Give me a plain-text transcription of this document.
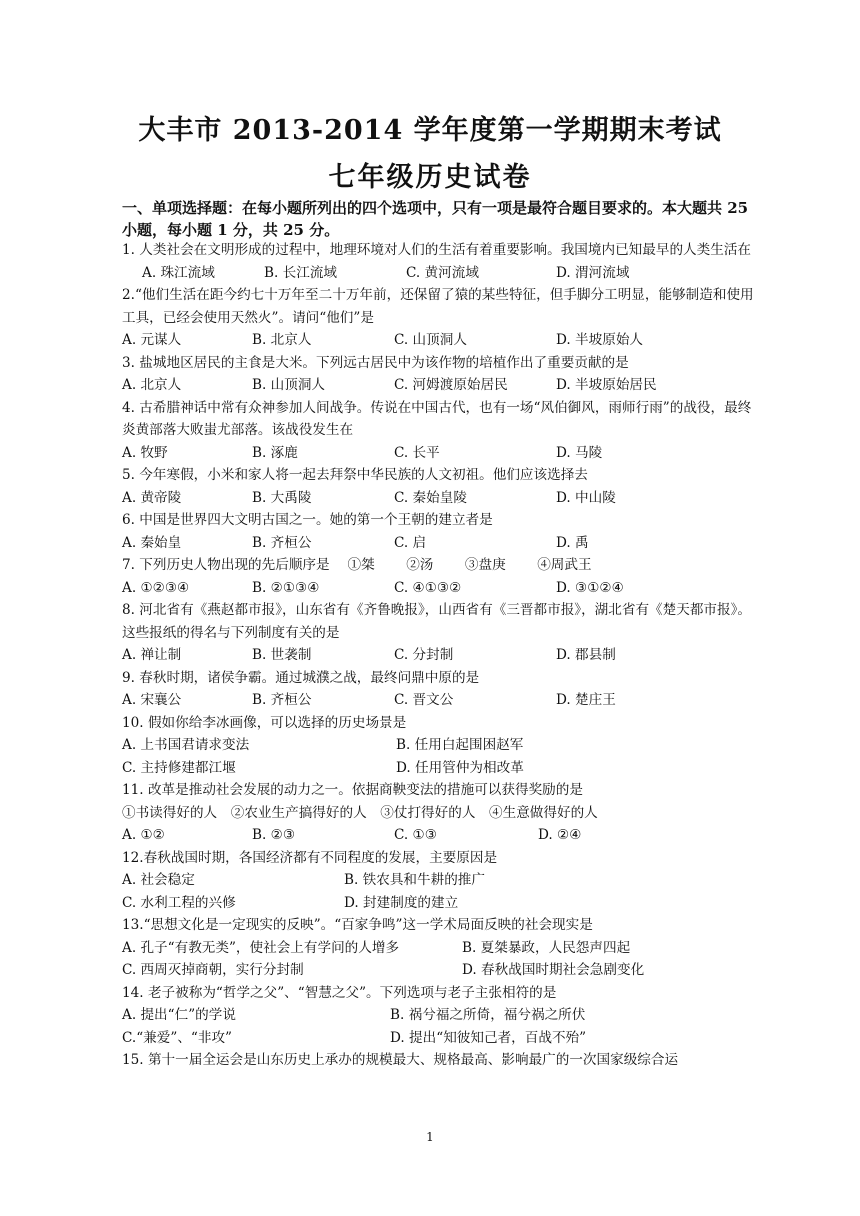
大丰市 2013-2014 学年度第一学期期末考试
七年级历史试卷
一、单项选择题：在每小题所列出的四个选项中，只有一项是最符合题目要求的。本大题共 25 小题，每小题 1 分，共 25 分。
1. 人类社会在文明形成的过程中，地理环境对人们的生活有着重要影响。我国境内已知最早的人类生活在
A. 珠江流域	B. 长江流域	C. 黄河流域	D. 渭河流域
2.“他们生活在距今约七十万年至二十万年前，还保留了猿的某些特征，但手脚分工明显，能够制造和使用工具，已经会使用天然火”。请问“他们”是
A. 元谋人	B. 北京人	C. 山顶洞人	D. 半坡原始人
3. 盐城地区居民的主食是大米。下列远古居民中为该作物的培植作出了重要贡献的是
A. 北京人	B. 山顶洞人	C. 河姆渡原始居民	D. 半坡原始居民
4. 古希腊神话中常有众神参加人间战争。传说在中国古代，也有一场“风伯御风，雨师行雨”的战役，最终炎黄部落大败蚩尤部落。该战役发生在
A. 牧野	B. 涿鹿	C. 长平	D. 马陵
5. 今年寒假，小米和家人将一起去拜祭中华民族的人文初祖。他们应该选择去
A. 黄帝陵	B. 大禹陵	C. 秦始皇陵	D. 中山陵
6. 中国是世界四大文明古国之一。她的第一个王朝的建立者是
A. 秦始皇	B. 齐桓公	C. 启	D. 禹
7. 下列历史人物出现的先后顺序是　 ①桀　　 ②汤　　 ③盘庚　　 ④周武王
A. ①②③④	B. ②①③④	C. ④①③②	D. ③①②④
8. 河北省有《燕赵都市报》，山东省有《齐鲁晚报》，山西省有《三晋都市报》，湖北省有《楚天都市报》。这些报纸的得名与下列制度有关的是
A. 禅让制	B. 世袭制	C. 分封制	D. 郡县制
9. 春秋时期，诸侯争霸。通过城濮之战，最终问鼎中原的是
A. 宋襄公	B. 齐桓公	C. 晋文公	D. 楚庄王
10. 假如你给李冰画像，可以选择的历史场景是
A. 上书国君请求变法	B. 任用白起围困赵军
C. 主持修建都江堰	D. 任用管仲为相改革
11. 改革是推动社会发展的动力之一。依据商鞅变法的措施可以获得奖励的是
①书读得好的人　②农业生产搞得好的人　③仗打得好的人　④生意做得好的人
A. ①②	B. ②③	C. ①③	D. ②④
12.春秋战国时期，各国经济都有不同程度的发展，主要原因是
A. 社会稳定	B. 铁农具和牛耕的推广
C. 水利工程的兴修	D. 封建制度的建立
13.“思想文化是一定现实的反映”。“百家争鸣”这一学术局面反映的社会现实是
A. 孔子“有教无类”，使社会上有学问的人增多	B. 夏桀暴政，人民怨声四起
C. 西周灭掉商朝，实行分封制	D. 春秋战国时期社会急剧变化
14. 老子被称为“哲学之父”、“智慧之父”。下列选项与老子主张相符的是
A. 提出“仁”的学说	B. 祸兮福之所倚，福兮祸之所伏
C.“兼爱”、“非攻”	D. 提出“知彼知己者，百战不殆”
15. 第十一届全运会是山东历史上承办的规模最大、规格最高、影响最广的一次国家级综合运
1
